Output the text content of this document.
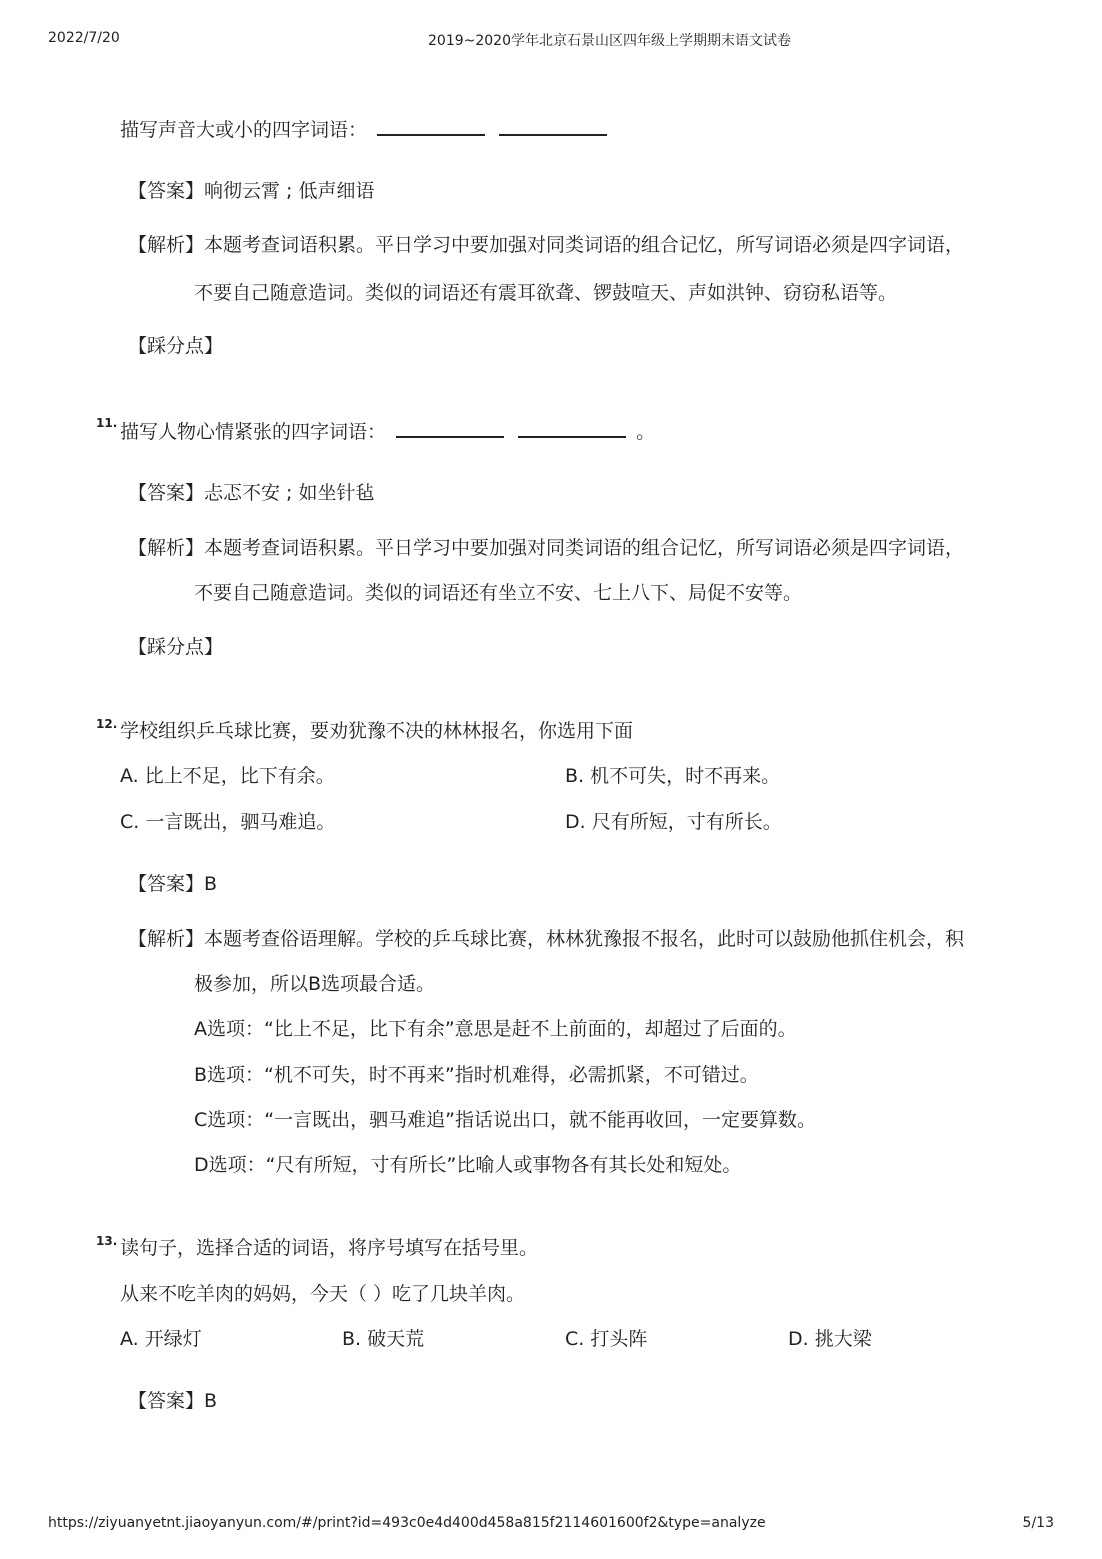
2022/7/20	2019~2020学年北京石景山区四年级上学期期末语文试卷
描写声音大或小的四字词语：
【答案】响彻云霄 ; 低声细语
【解析】本题考查词语积累。平日学习中要加强对同类词语的组合记忆，所写词语必须是四字词语，
不要自己随意造词。类似的词语还有震耳欲聋、锣鼓喧天、声如洪钟、窃窃私语等。
【踩分点】
11. 描写人物心情紧张的四字词语：	。
【答案】忐忑不安 ; 如坐针毡
【解析】本题考查词语积累。平日学习中要加强对同类词语的组合记忆，所写词语必须是四字词语，
不要自己随意造词。类似的词语还有坐立不安、七上八下、局促不安等。
【踩分点】
12. 学校组织乒乓球比赛，要劝犹豫不决的林林报名，你选用下面
A. 比上不足，比下有余。	B. 机不可失，时不再来。
C. 一言既出，驷马难追。	D. 尺有所短，寸有所长。
【答案】B
【解析】本题考查俗语理解。学校的乒乓球比赛，林林犹豫报不报名，此时可以鼓励他抓住机会，积
极参加，所以B选项最合适。
A选项：“比上不足，比下有余”意思是赶不上前面的，却超过了后面的。
B选项：“机不可失，时不再来”指时机难得，必需抓紧，不可错过。
C选项：“一言既出，驷马难追”指话说出口，就不能再收回，一定要算数。
D选项：“尺有所短，寸有所长”比喻人或事物各有其长处和短处。
13. 读句子，选择合适的词语，将序号填写在括号里。
从来不吃羊肉的妈妈，今天（ ）吃了几块羊肉。
A. 开绿灯	B. 破天荒	C. 打头阵	D. 挑大梁
【答案】B
https://ziyuanyetnt.jiaoyanyun.com/#/print?id=493c0e4d400d458a815f2114601600f2&type=analyze	5/13
